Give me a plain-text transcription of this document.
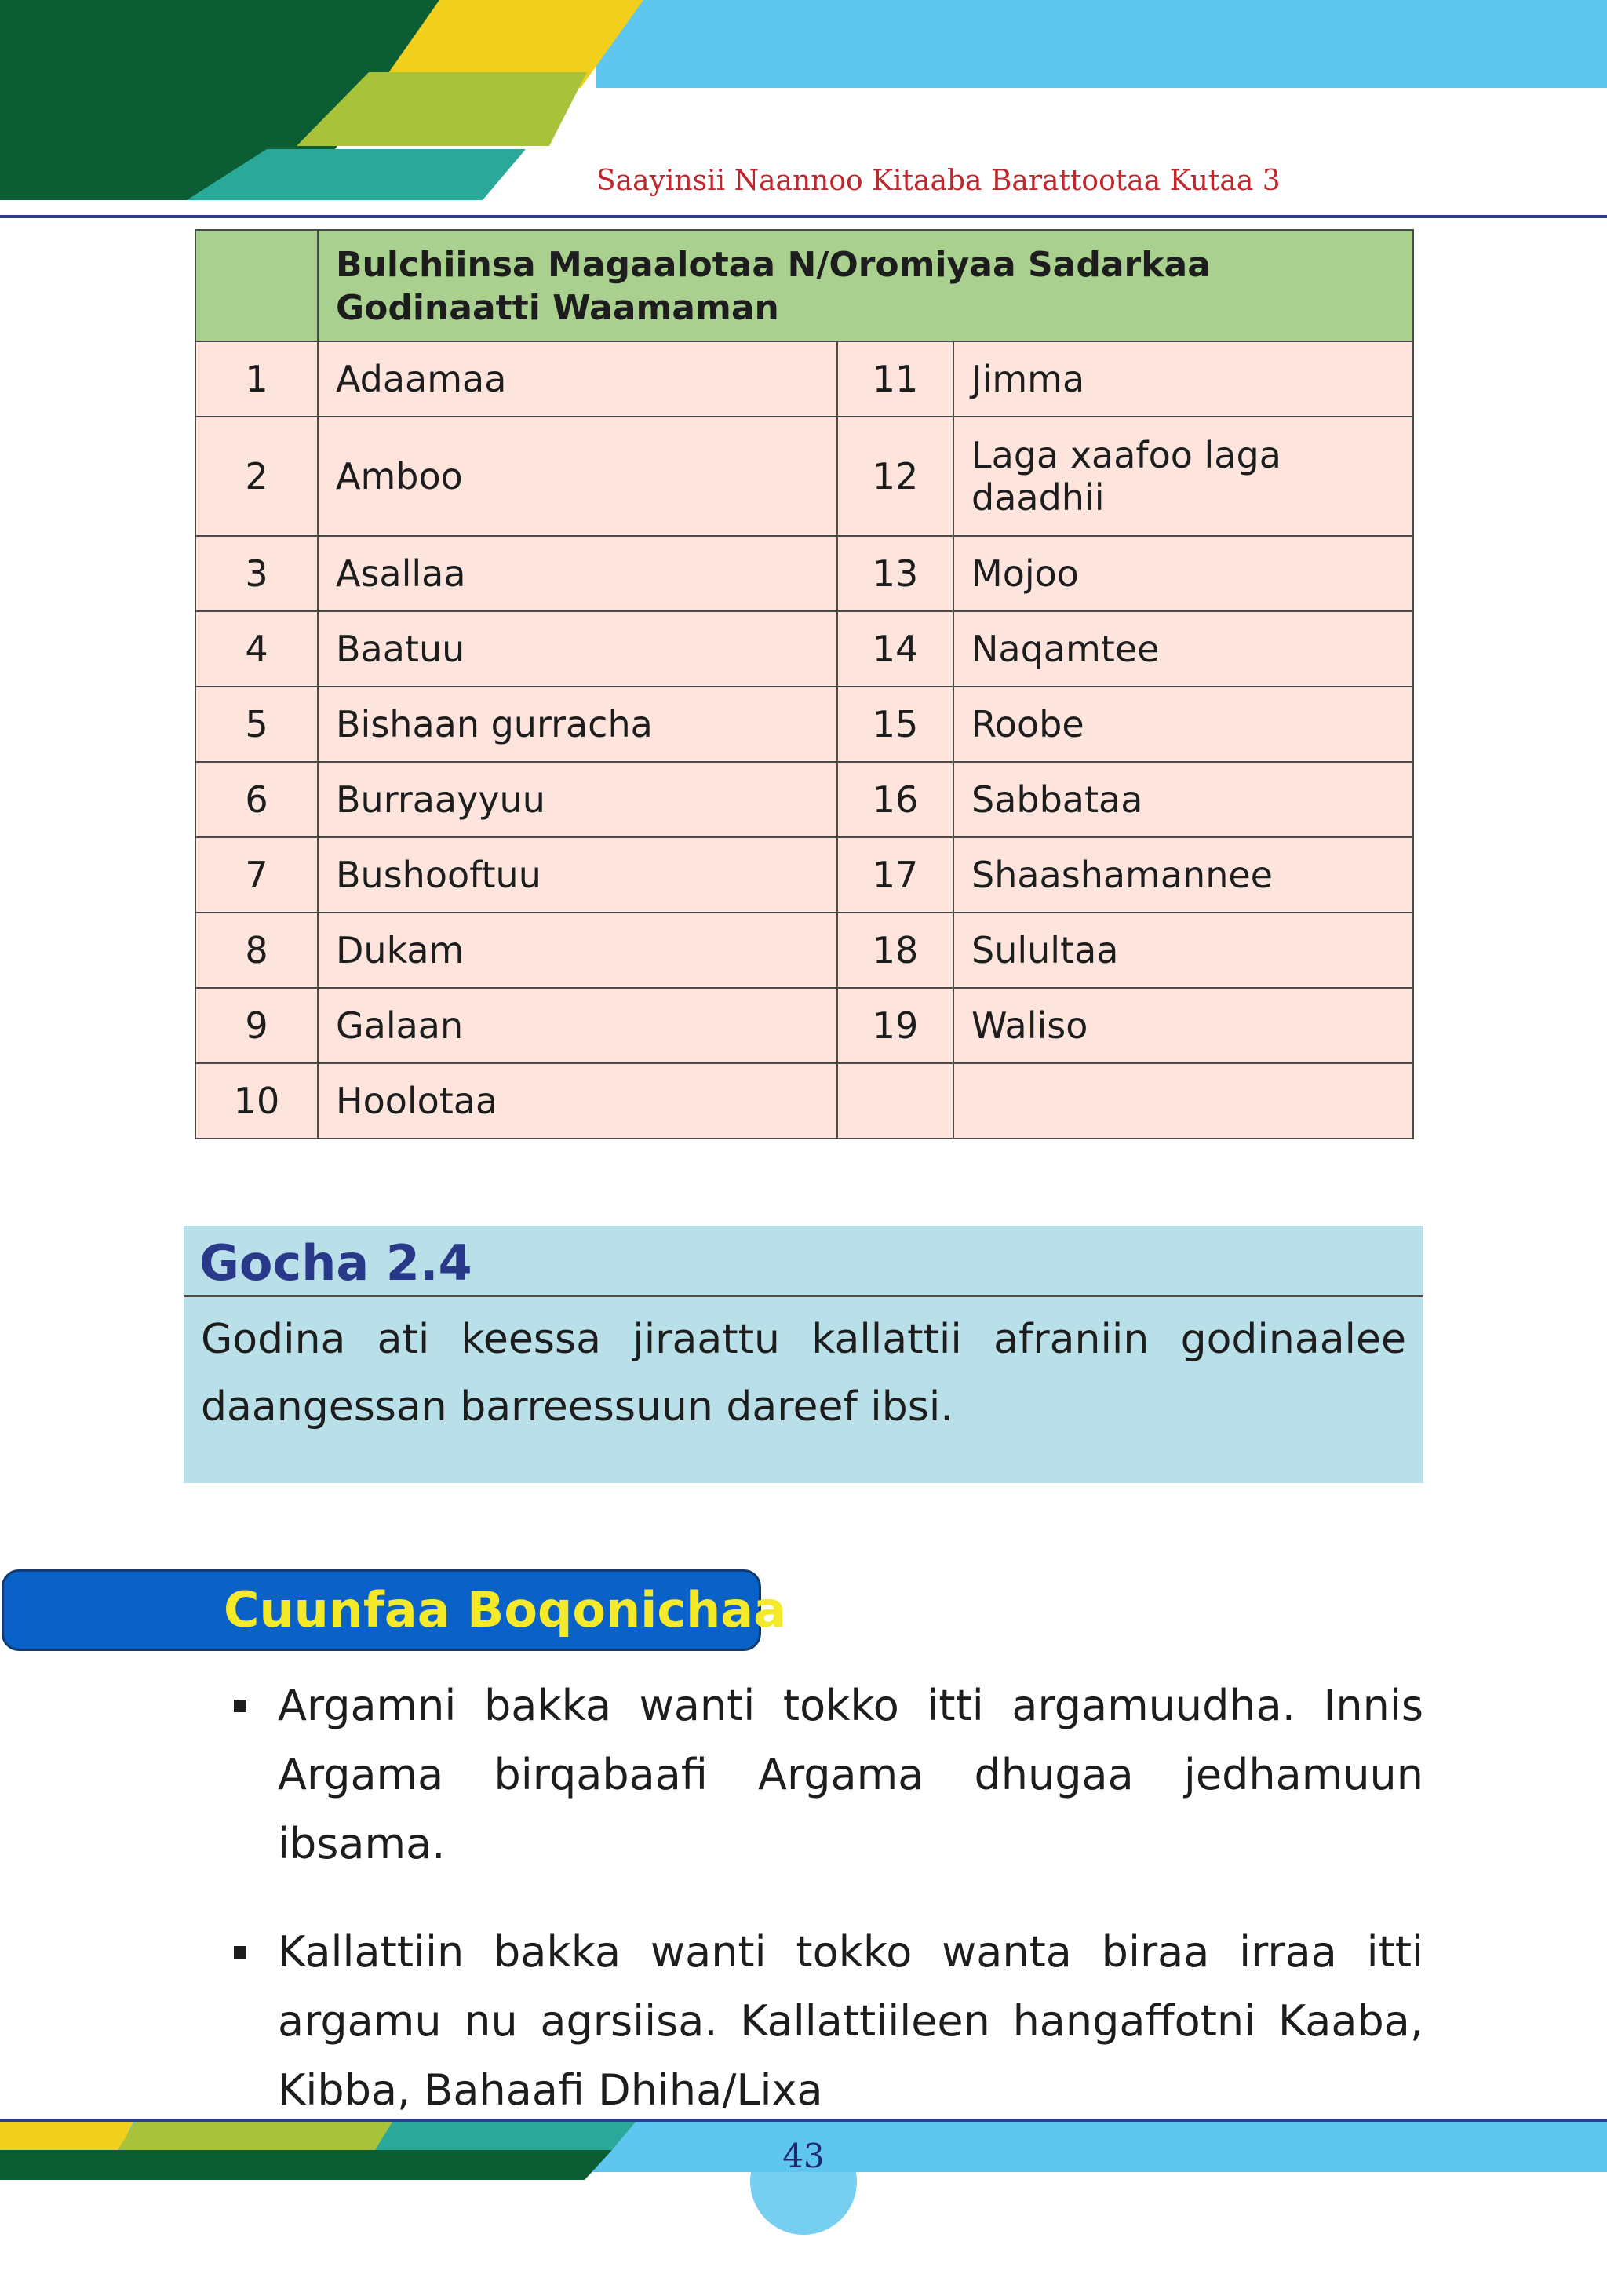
Saayinsii Naannoo Kitaaba Barattootaa Kutaa 3
	Bulchiinsa Magaalotaa N/Oromiyaa Sadarkaa Godinaatti Waamaman		
1	Adaamaa	11	Jimma
2	Amboo	12	Laga xaafoo laga daadhii
3	Asallaa	13	Mojoo
4	Baatuu	14	Naqamtee
5	Bishaan gurracha	15	Roobe
6	Burraayyuu	16	Sabbataa
7	Bushooftuu	17	Shaashamannee
8	Dukam	18	Sulultaa
9	Galaan	19	Waliso
10	Hoolotaa		
Gocha 2.4
Godina ati keessa jiraattu kallattii afraniin godinaalee daangessan barreessuun dareef ibsi.
Cuunfaa Boqonichaa
Argamni bakka wanti tokko itti argamuudha. Innis Argama birqabaafi Argama dhugaa jedhamuun ibsama.
Kallattiin bakka wanti tokko wanta biraa irraa itti argamu nu agrsiisa. Kallattiileen hangaffotni Kaaba, Kibba, Bahaafi Dhiha/Lixa
43
